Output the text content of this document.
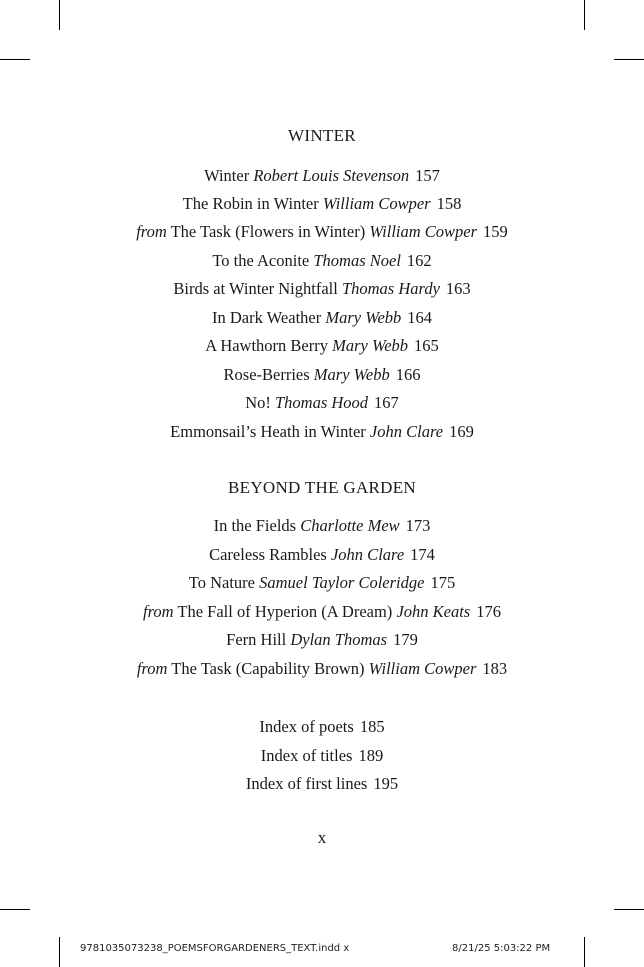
WINTER
Winter Robert Louis Stevenson 157
The Robin in Winter William Cowper 158
from The Task (Flowers in Winter) William Cowper 159
To the Aconite Thomas Noel 162
Birds at Winter Nightfall Thomas Hardy 163
In Dark Weather Mary Webb 164
A Hawthorn Berry Mary Webb 165
Rose-Berries Mary Webb 166
No! Thomas Hood 167
Emmonsail’s Heath in Winter John Clare 169
BEYOND THE GARDEN
In the Fields Charlotte Mew 173
Careless Rambles John Clare 174
To Nature Samuel Taylor Coleridge 175
from The Fall of Hyperion (A Dream) John Keats 176
Fern Hill Dylan Thomas 179
from The Task (Capability Brown) William Cowper 183
Index of poets 185
Index of titles 189
Index of first lines 195
x
9781035073238_POEMSFORGARDENERS_TEXT.indd x	8/21/25 5:03:22 PM
